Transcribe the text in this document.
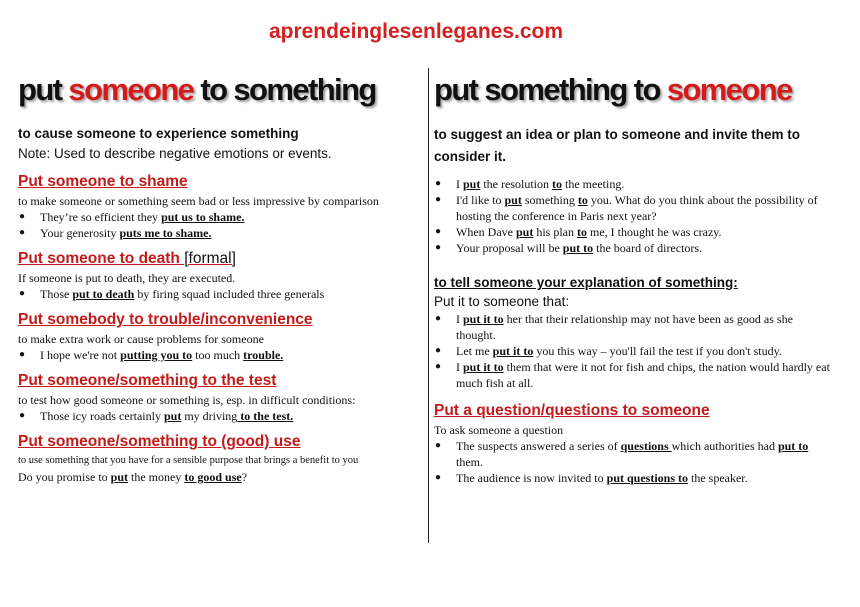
aprendeinglesenleganes.com
put someone to something put something to someone
to cause someone to experience something
Note: Used to describe negative emotions or events.
Put someone to shame
to make someone or something seem bad or less impressive by comparison
● They’re so efficient they put us to shame.
● Your generosity puts me to shame.
Put someone to death [formal]
If someone is put to death, they are executed.
● Those put to death by firing squad included three generals
Put somebody to trouble/inconvenience
to make extra work or cause problems for someone
● I hope we're not putting you to too much trouble.
Put someone/something to the test
to test how good someone or something is, esp. in difficult conditions:
● Those icy roads certainly put my driving to the test.
Put someone/something to (good) use
to use something that you have for a sensible purpose that brings a benefit to you
Do you promise to put the money to good use?
to suggest an idea or plan to someone and invite them to consider it.
● I put the resolution to the meeting.
● I'd like to put something to you. What do you think about the possibility of hosting the conference in Paris next year?
● When Dave put his plan to me, I thought he was crazy.
● Your proposal will be put to the board of directors.
to tell someone your explanation of something:
Put it to someone that:
● I put it to her that their relationship may not have been as good as she thought.
● Let me put it to you this way – you'll fail the test if you don't study.
● I put it to them that were it not for fish and chips, the nation would hardly eat much fish at all.
Put a question/questions to someone
To ask someone a question
● The suspects answered a series of questions which authorities had put to them.
● The audience is now invited to put questions to the speaker.
